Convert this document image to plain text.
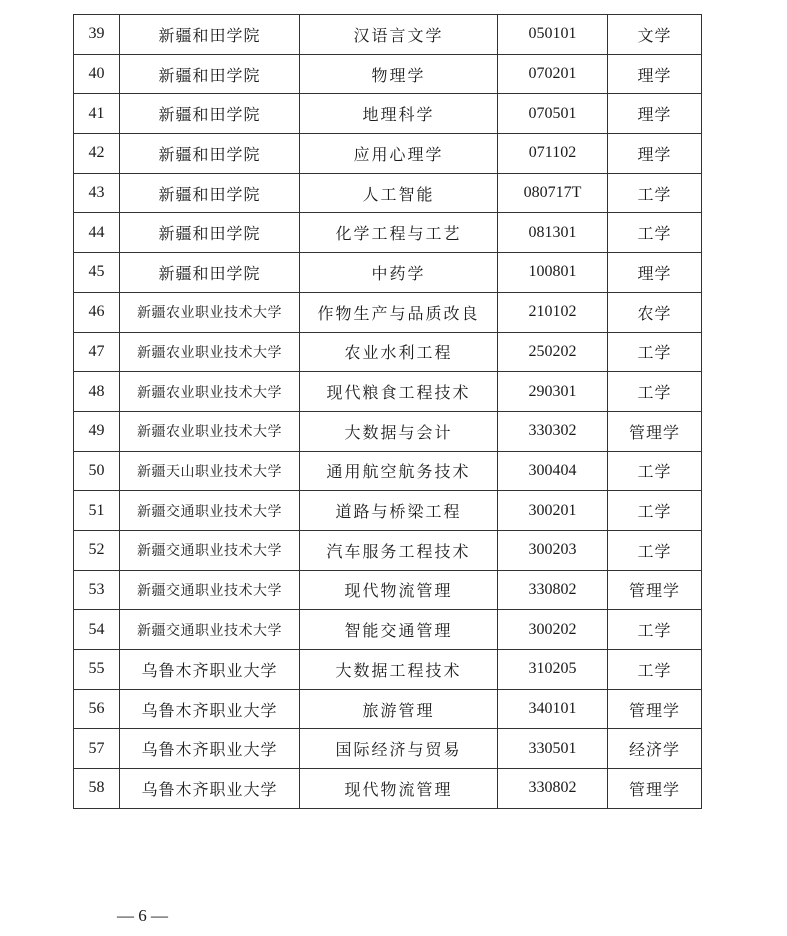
39	新疆和田学院	汉语言文学	050101	文学
40	新疆和田学院	物理学	070201	理学
41	新疆和田学院	地理科学	070501	理学
42	新疆和田学院	应用心理学	071102	理学
43	新疆和田学院	人工智能	080717T	工学
44	新疆和田学院	化学工程与工艺	081301	工学
45	新疆和田学院	中药学	100801	理学
46	新疆农业职业技术大学	作物生产与品质改良	210102	农学
47	新疆农业职业技术大学	农业水利工程	250202	工学
48	新疆农业职业技术大学	现代粮食工程技术	290301	工学
49	新疆农业职业技术大学	大数据与会计	330302	管理学
50	新疆天山职业技术大学	通用航空航务技术	300404	工学
51	新疆交通职业技术大学	道路与桥梁工程	300201	工学
52	新疆交通职业技术大学	汽车服务工程技术	300203	工学
53	新疆交通职业技术大学	现代物流管理	330802	管理学
54	新疆交通职业技术大学	智能交通管理	300202	工学
55	乌鲁木齐职业大学	大数据工程技术	310205	工学
56	乌鲁木齐职业大学	旅游管理	340101	管理学
57	乌鲁木齐职业大学	国际经济与贸易	330501	经济学
58	乌鲁木齐职业大学	现代物流管理	330802	管理学
— 6 —
